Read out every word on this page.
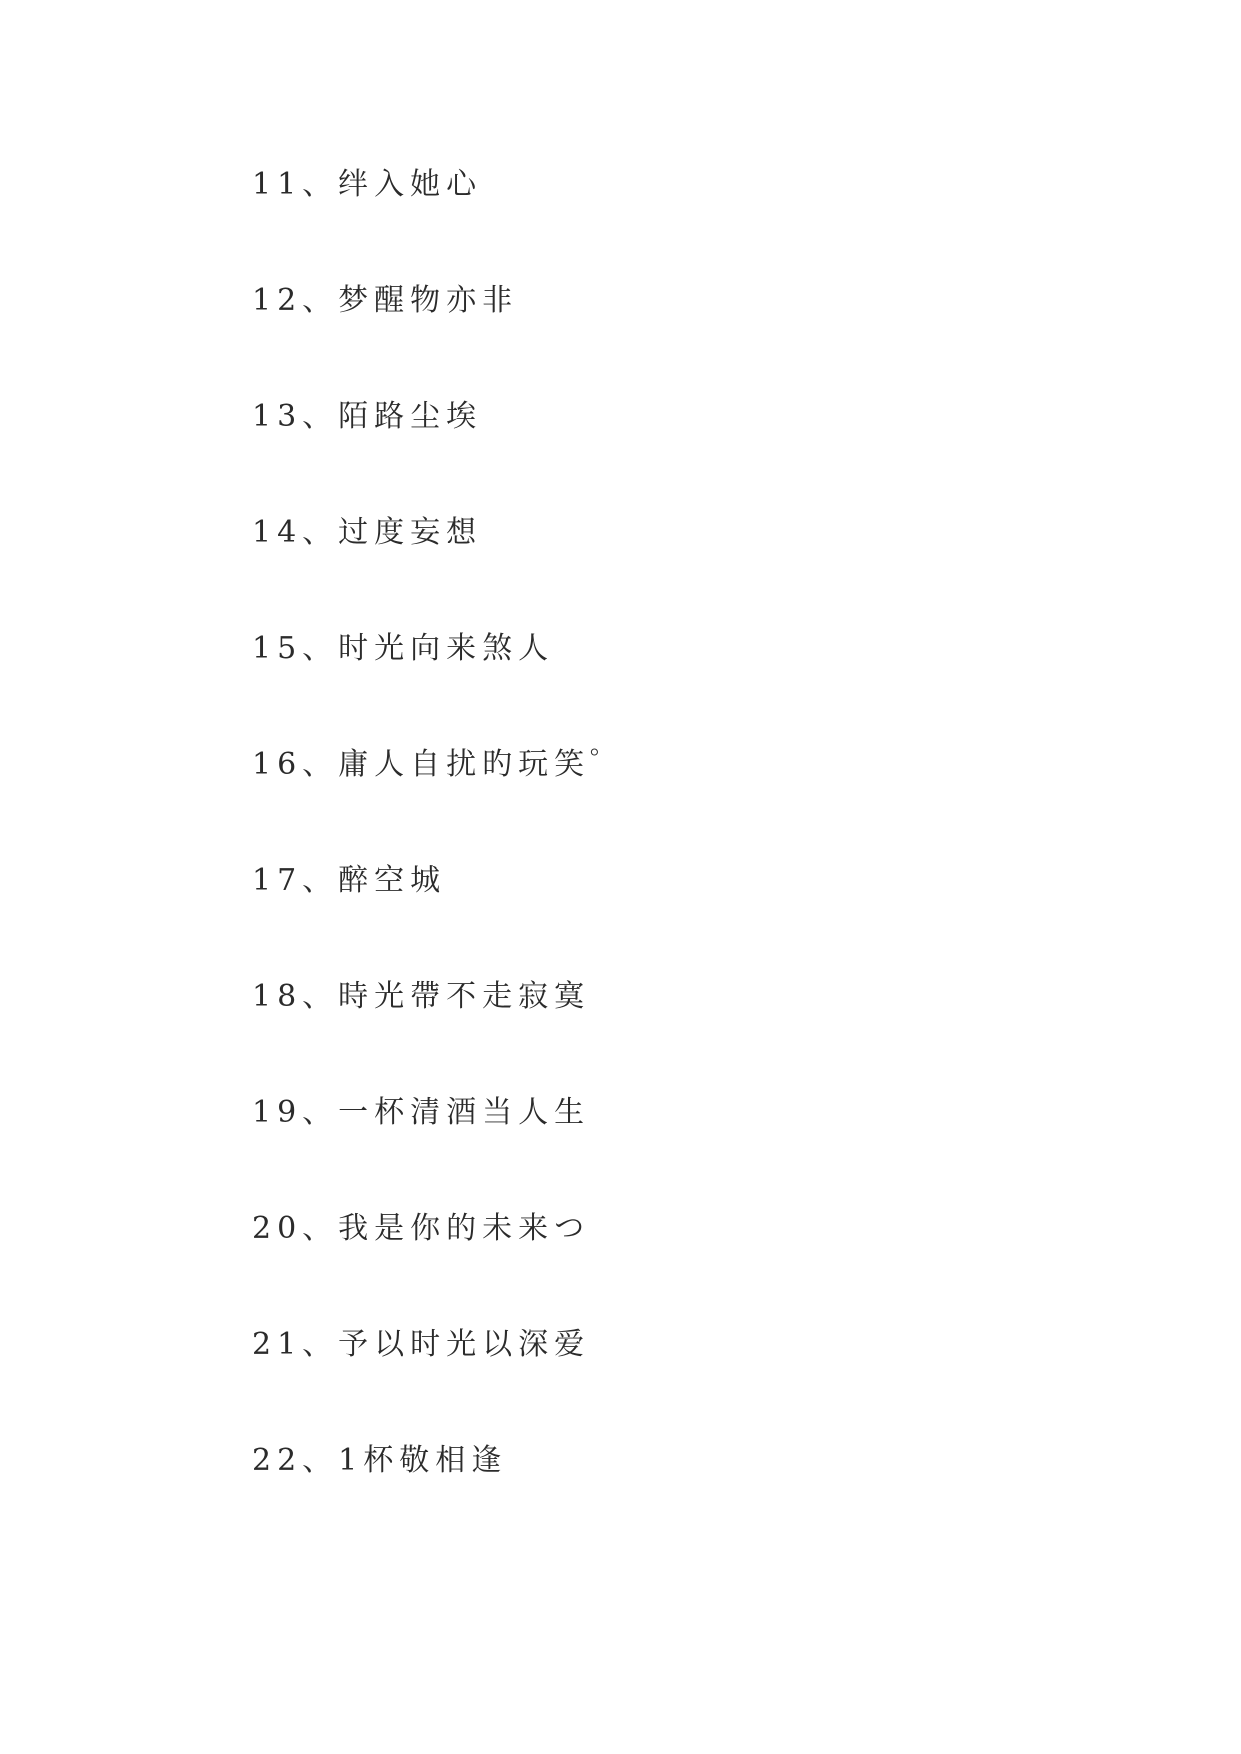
11、绊入她心
12、梦醒物亦非
13、陌路尘埃
14、过度妄想
15、时光向来煞人
16、庸人自扰旳玩笑゜
17、醉空城
18、時光帶不走寂寞
19、一杯清酒当人生
20、我是你的未来つ
21、予以时光以深爱
22、1杯敬相逢
